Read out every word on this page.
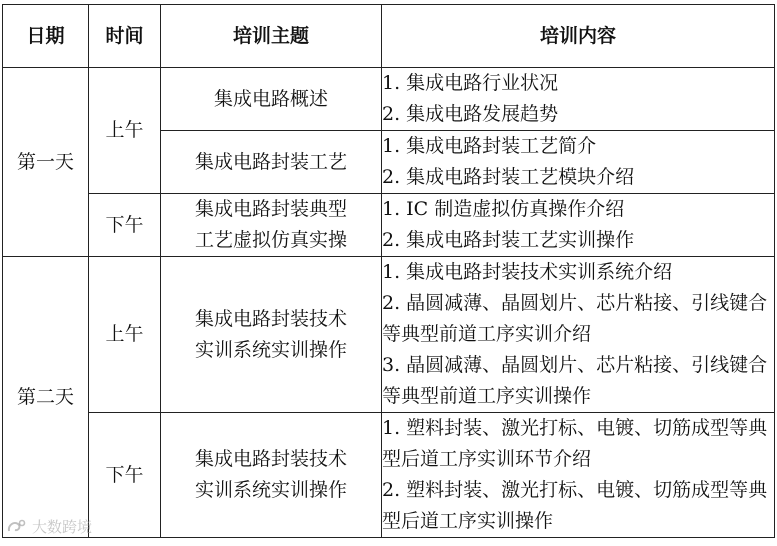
日期	时间	培训主题	培训内容
第一天	上午	集成电路概述	1. 集成电路行业状况
2. 集成电路发展趋势

		集成电路封装工艺	1. 集成电路封装工艺简介
2. 集成电路封装工艺模块介绍

	下午	集成电路封装典型
工艺虚拟仿真实操	1. IC 制造虚拟仿真操作介绍
2. 集成电路封装工艺实训操作

第二天	上午	集成电路封装技术
实训系统实训操作	1. 集成电路封装技术实训系统介绍
2. 晶圆减薄、晶圆划片、芯片粘接、引线键合等典型前道工序实训介绍
3. 晶圆减薄、晶圆划片、芯片粘接、引线键合等典型前道工序实训操作

	下午	集成电路封装技术
实训系统实训操作	1. 塑料封装、激光打标、电镀、切筋成型等典型后道工序实训环节介绍
2. 塑料封装、激光打标、电镀、切筋成型等典型后道工序实训操作
大数跨境
